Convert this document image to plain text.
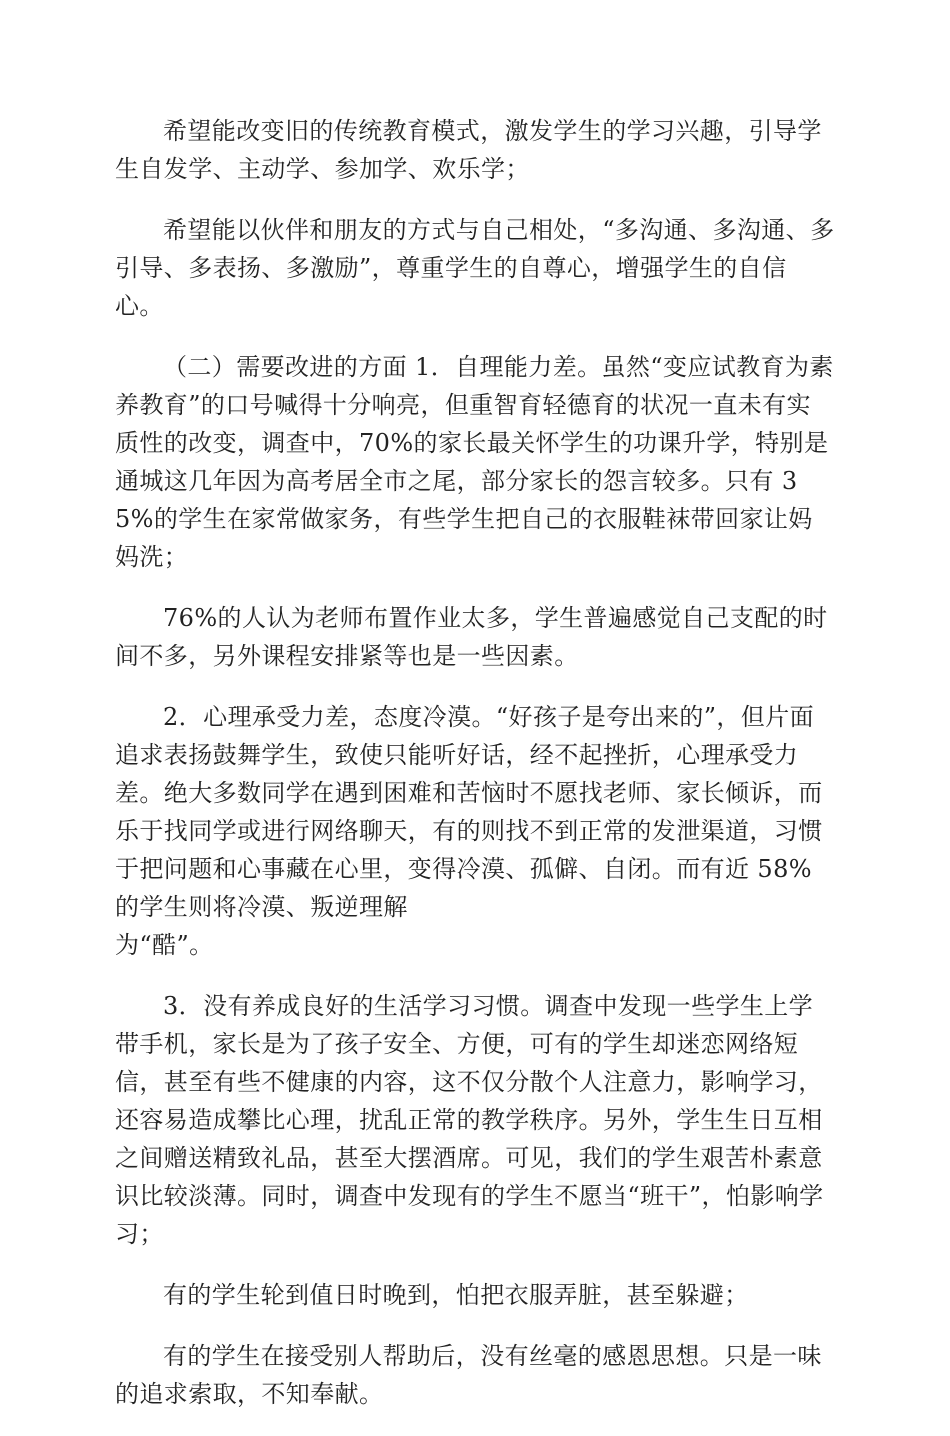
希望能改变旧的传统教育模式，激发学生的学习兴趣，引导学生自发学、主动学、参加学、欢乐学；

希望能以伙伴和朋友的方式与自己相处，“多沟通、多沟通、多引导、多表扬、多激励”，尊重学生的自尊心，增强学生的自信心。

（二）需要改进的方面 1．自理能力差。虽然“变应试教育为素养教育”的口号喊得十分响亮，但重智育轻德育的状况一直未有实质性的改变，调查中，70%的家长最关怀学生的功课升学，特别是通城这几年因为高考居全市之尾，部分家长的怨言较多。只有 35%的学生在家常做家务，有些学生把自己的衣服鞋袜带回家让妈妈洗；

76%的人认为老师布置作业太多，学生普遍感觉自己支配的时间不多，另外课程安排紧等也是一些因素。

2．心理承受力差，态度冷漠。“好孩子是夸出来的”，但片面追求表扬鼓舞学生，致使只能听好话，经不起挫折，心理承受力差。绝大多数同学在遇到困难和苦恼时不愿找老师、家长倾诉，而乐于找同学或进行网络聊天，有的则找不到正常的发泄渠道，习惯于把问题和心事藏在心里，变得冷漠、孤僻、自闭。而有近 58%的学生则将冷漠、叛逆理解

为“酷”。

3．没有养成良好的生活学习习惯。调查中发现一些学生上学带手机，家长是为了孩子安全、方便，可有的学生却迷恋网络短信，甚至有些不健康的内容，这不仅分散个人注意力，影响学习，还容易造成攀比心理，扰乱正常的教学秩序。另外，学生生日互相之间赠送精致礼品，甚至大摆酒席。可见，我们的学生艰苦朴素意识比较淡薄。同时，调查中发现有的学生不愿当“班干”，怕影响学习；

有的学生轮到值日时晚到，怕把衣服弄脏，甚至躲避；

有的学生在接受别人帮助后，没有丝毫的感恩思想。只是一味的追求索取，不知奉献。
